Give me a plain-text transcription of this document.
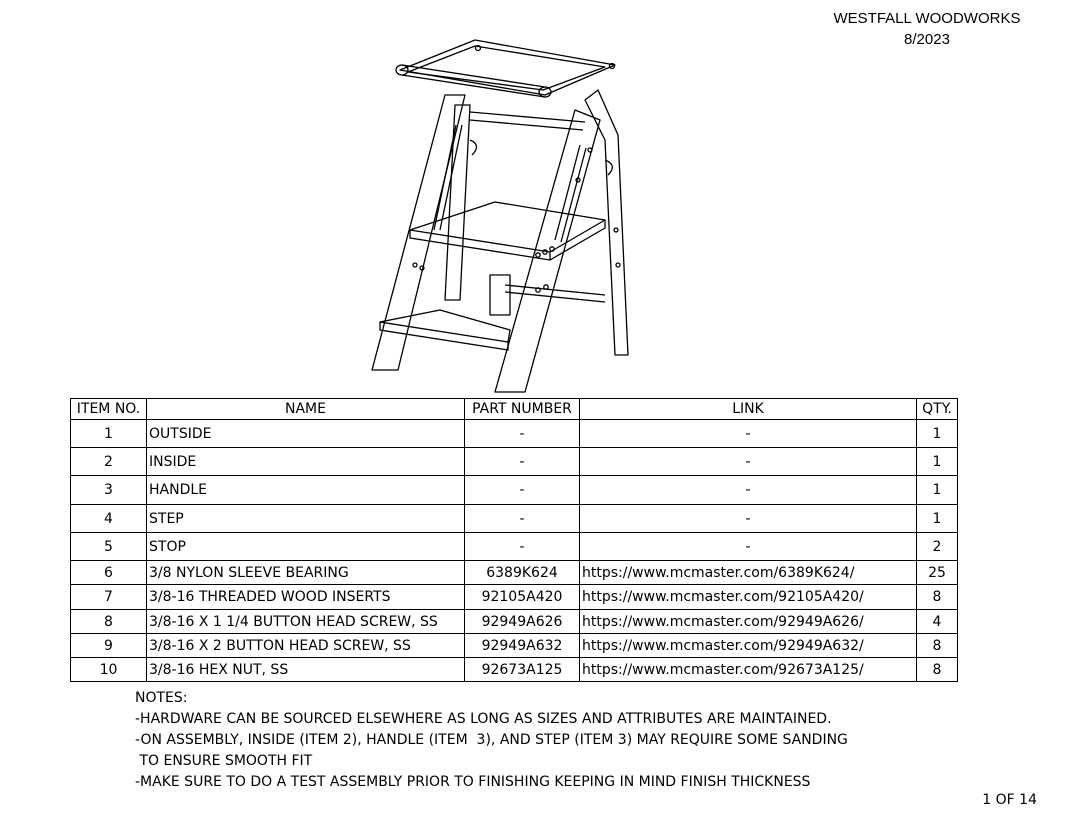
WESTFALL WOODWORKS
8/2023
ITEM NO.	NAME	PART NUMBER	LINK	QTY.
1	OUTSIDE	-	-	1
2	INSIDE	-	-	1
3	HANDLE	-	-	1
4	STEP	-	-	1
5	STOP	-	-	2
6	3/8 NYLON SLEEVE BEARING	6389K624	https://www.mcmaster.com/6389K624/	25
7	3/8-16 THREADED WOOD INSERTS	92105A420	https://www.mcmaster.com/92105A420/	8
8	3/8-16 X 1 1/4 BUTTON HEAD SCREW, SS	92949A626	https://www.mcmaster.com/92949A626/	4
9	3/8-16 X 2 BUTTON HEAD SCREW, SS	92949A632	https://www.mcmaster.com/92949A632/	8
10	3/8-16 HEX NUT, SS	92673A125	https://www.mcmaster.com/92673A125/	8
NOTES:
-HARDWARE CAN BE SOURCED ELSEWHERE AS LONG AS SIZES AND ATTRIBUTES ARE MAINTAINED.
-ON ASSEMBLY, INSIDE (ITEM 2), HANDLE (ITEM  3), AND STEP (ITEM 3) MAY REQUIRE SOME SANDING
TO ENSURE SMOOTH FIT
-MAKE SURE TO DO A TEST ASSEMBLY PRIOR TO FINISHING KEEPING IN MIND FINISH THICKNESS
1 OF 14
